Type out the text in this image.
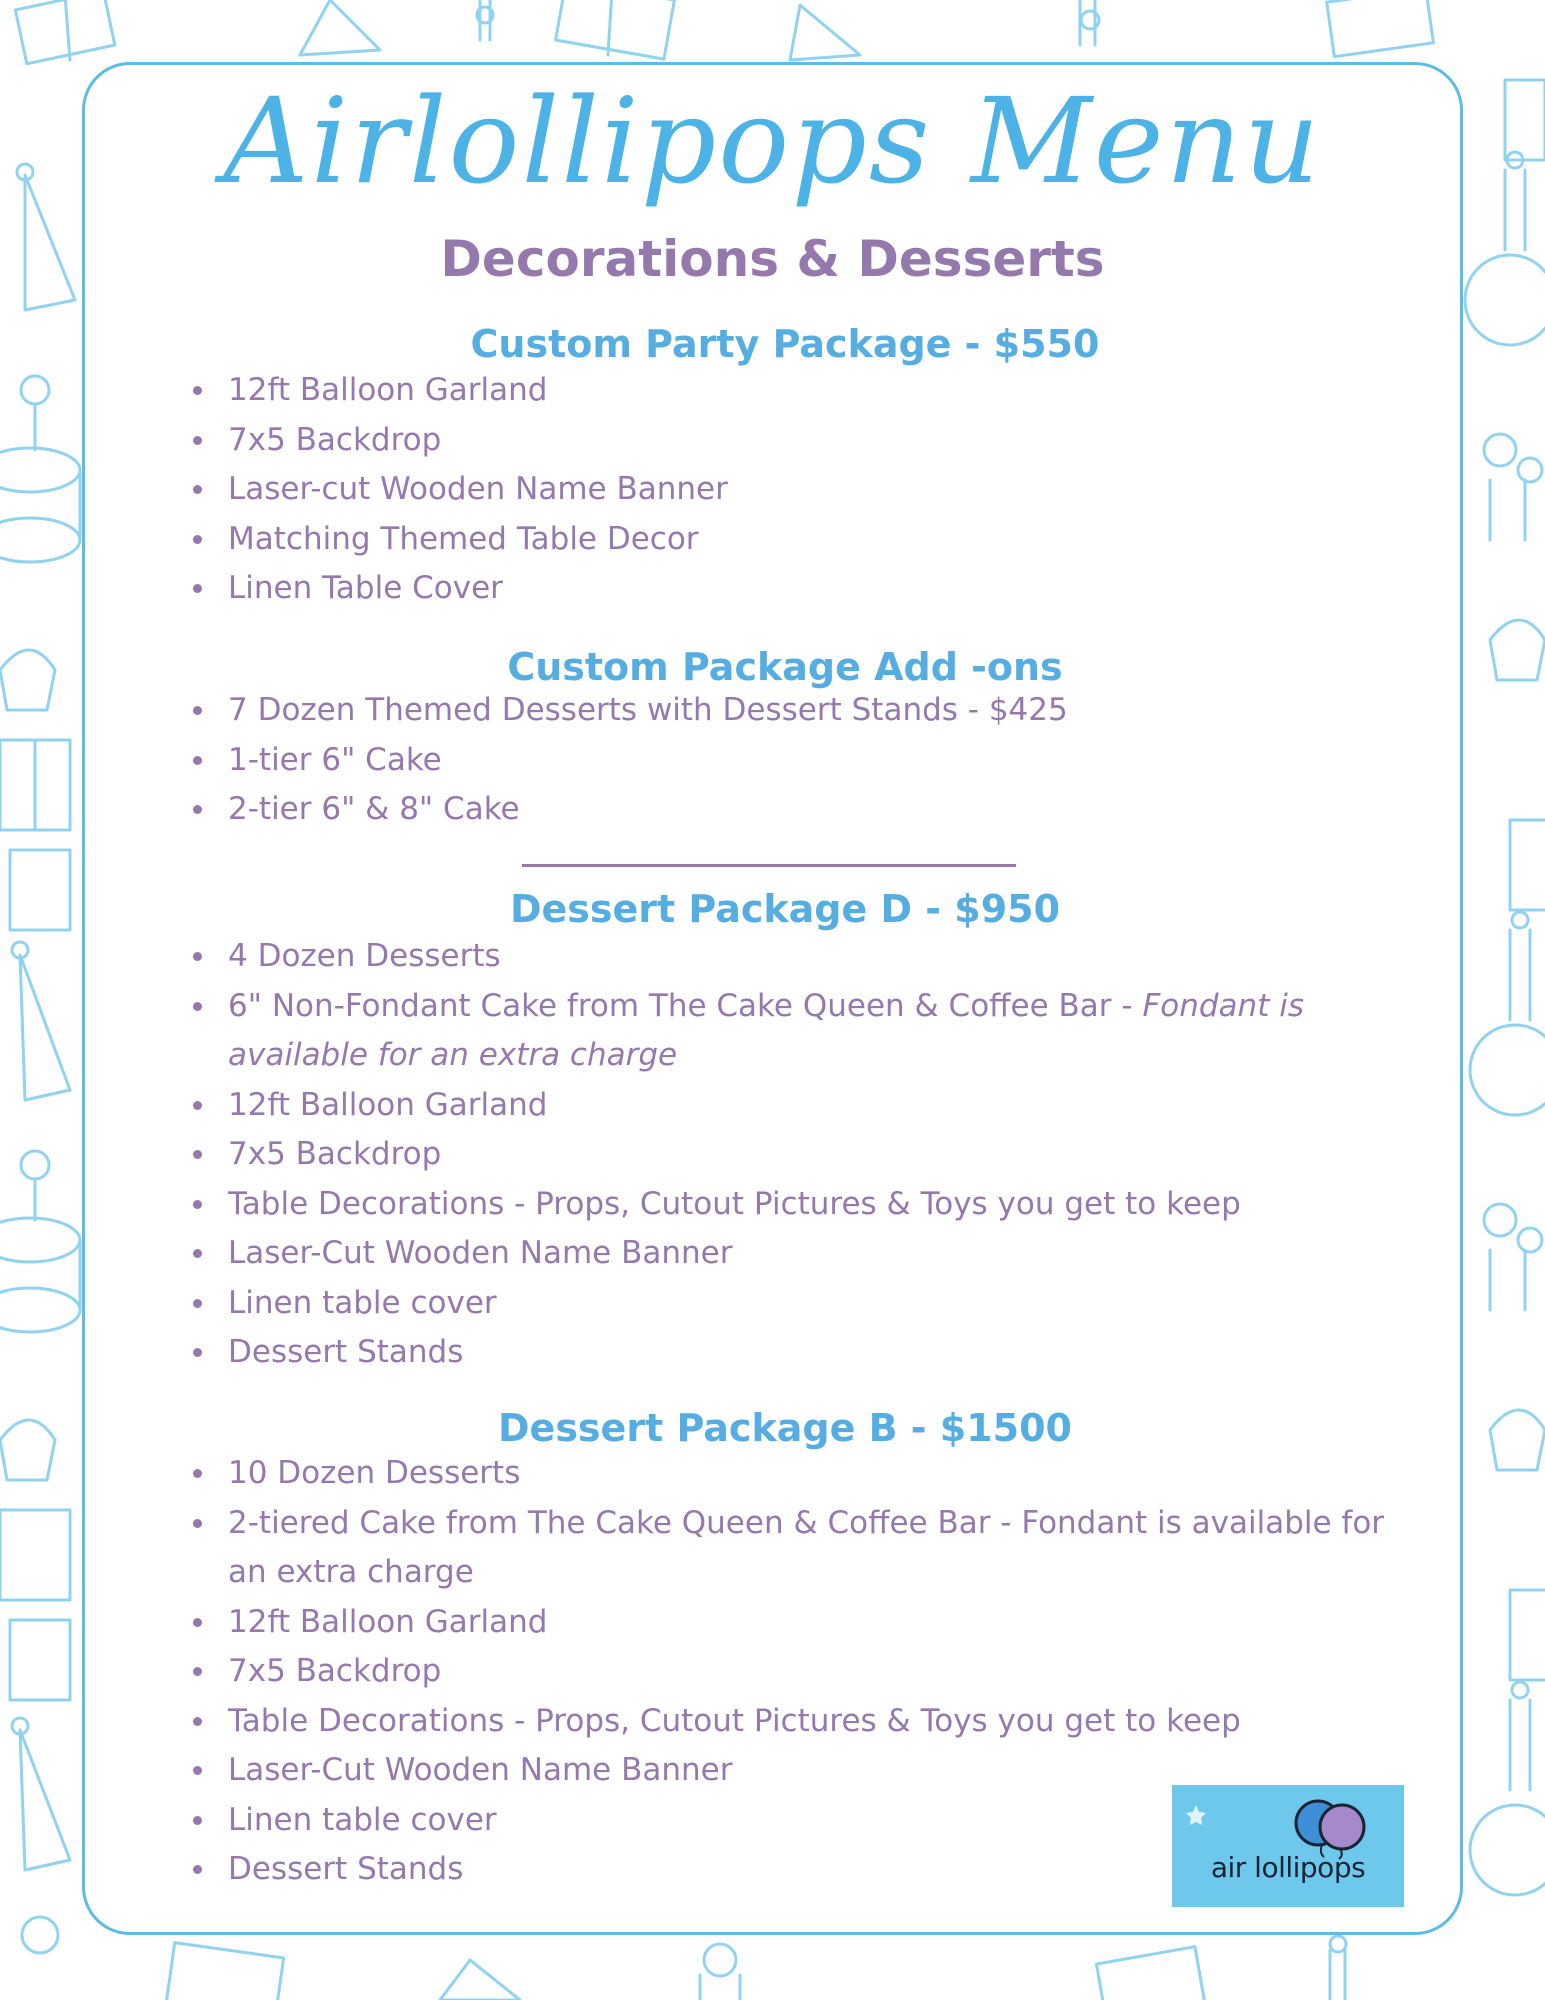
Airlollipops Menu
Decorations & Desserts
Custom Party Package - $550
12ft Balloon Garland
7x5 Backdrop
Laser-cut Wooden Name Banner
Matching Themed Table Decor
Linen Table Cover
Custom Package Add -ons
7 Dozen Themed Desserts with Dessert Stands - $425
1-tier 6" Cake
2-tier 6" & 8" Cake
Dessert Package D - $950
4 Dozen Desserts
6" Non-Fondant Cake from The Cake Queen & Coffee Bar - Fondant is available for an extra charge
12ft Balloon Garland
7x5 Backdrop
Table Decorations - Props, Cutout Pictures & Toys you get to keep
Laser-Cut Wooden Name Banner
Linen table cover
Dessert Stands
Dessert Package B - $1500
10 Dozen Desserts
2-tiered Cake from The Cake Queen & Coffee Bar - Fondant is available for an extra charge
12ft Balloon Garland
7x5 Backdrop
Table Decorations - Props, Cutout Pictures & Toys you get to keep
Laser-Cut Wooden Name Banner
Linen table cover
Dessert Stands	air lollipops
